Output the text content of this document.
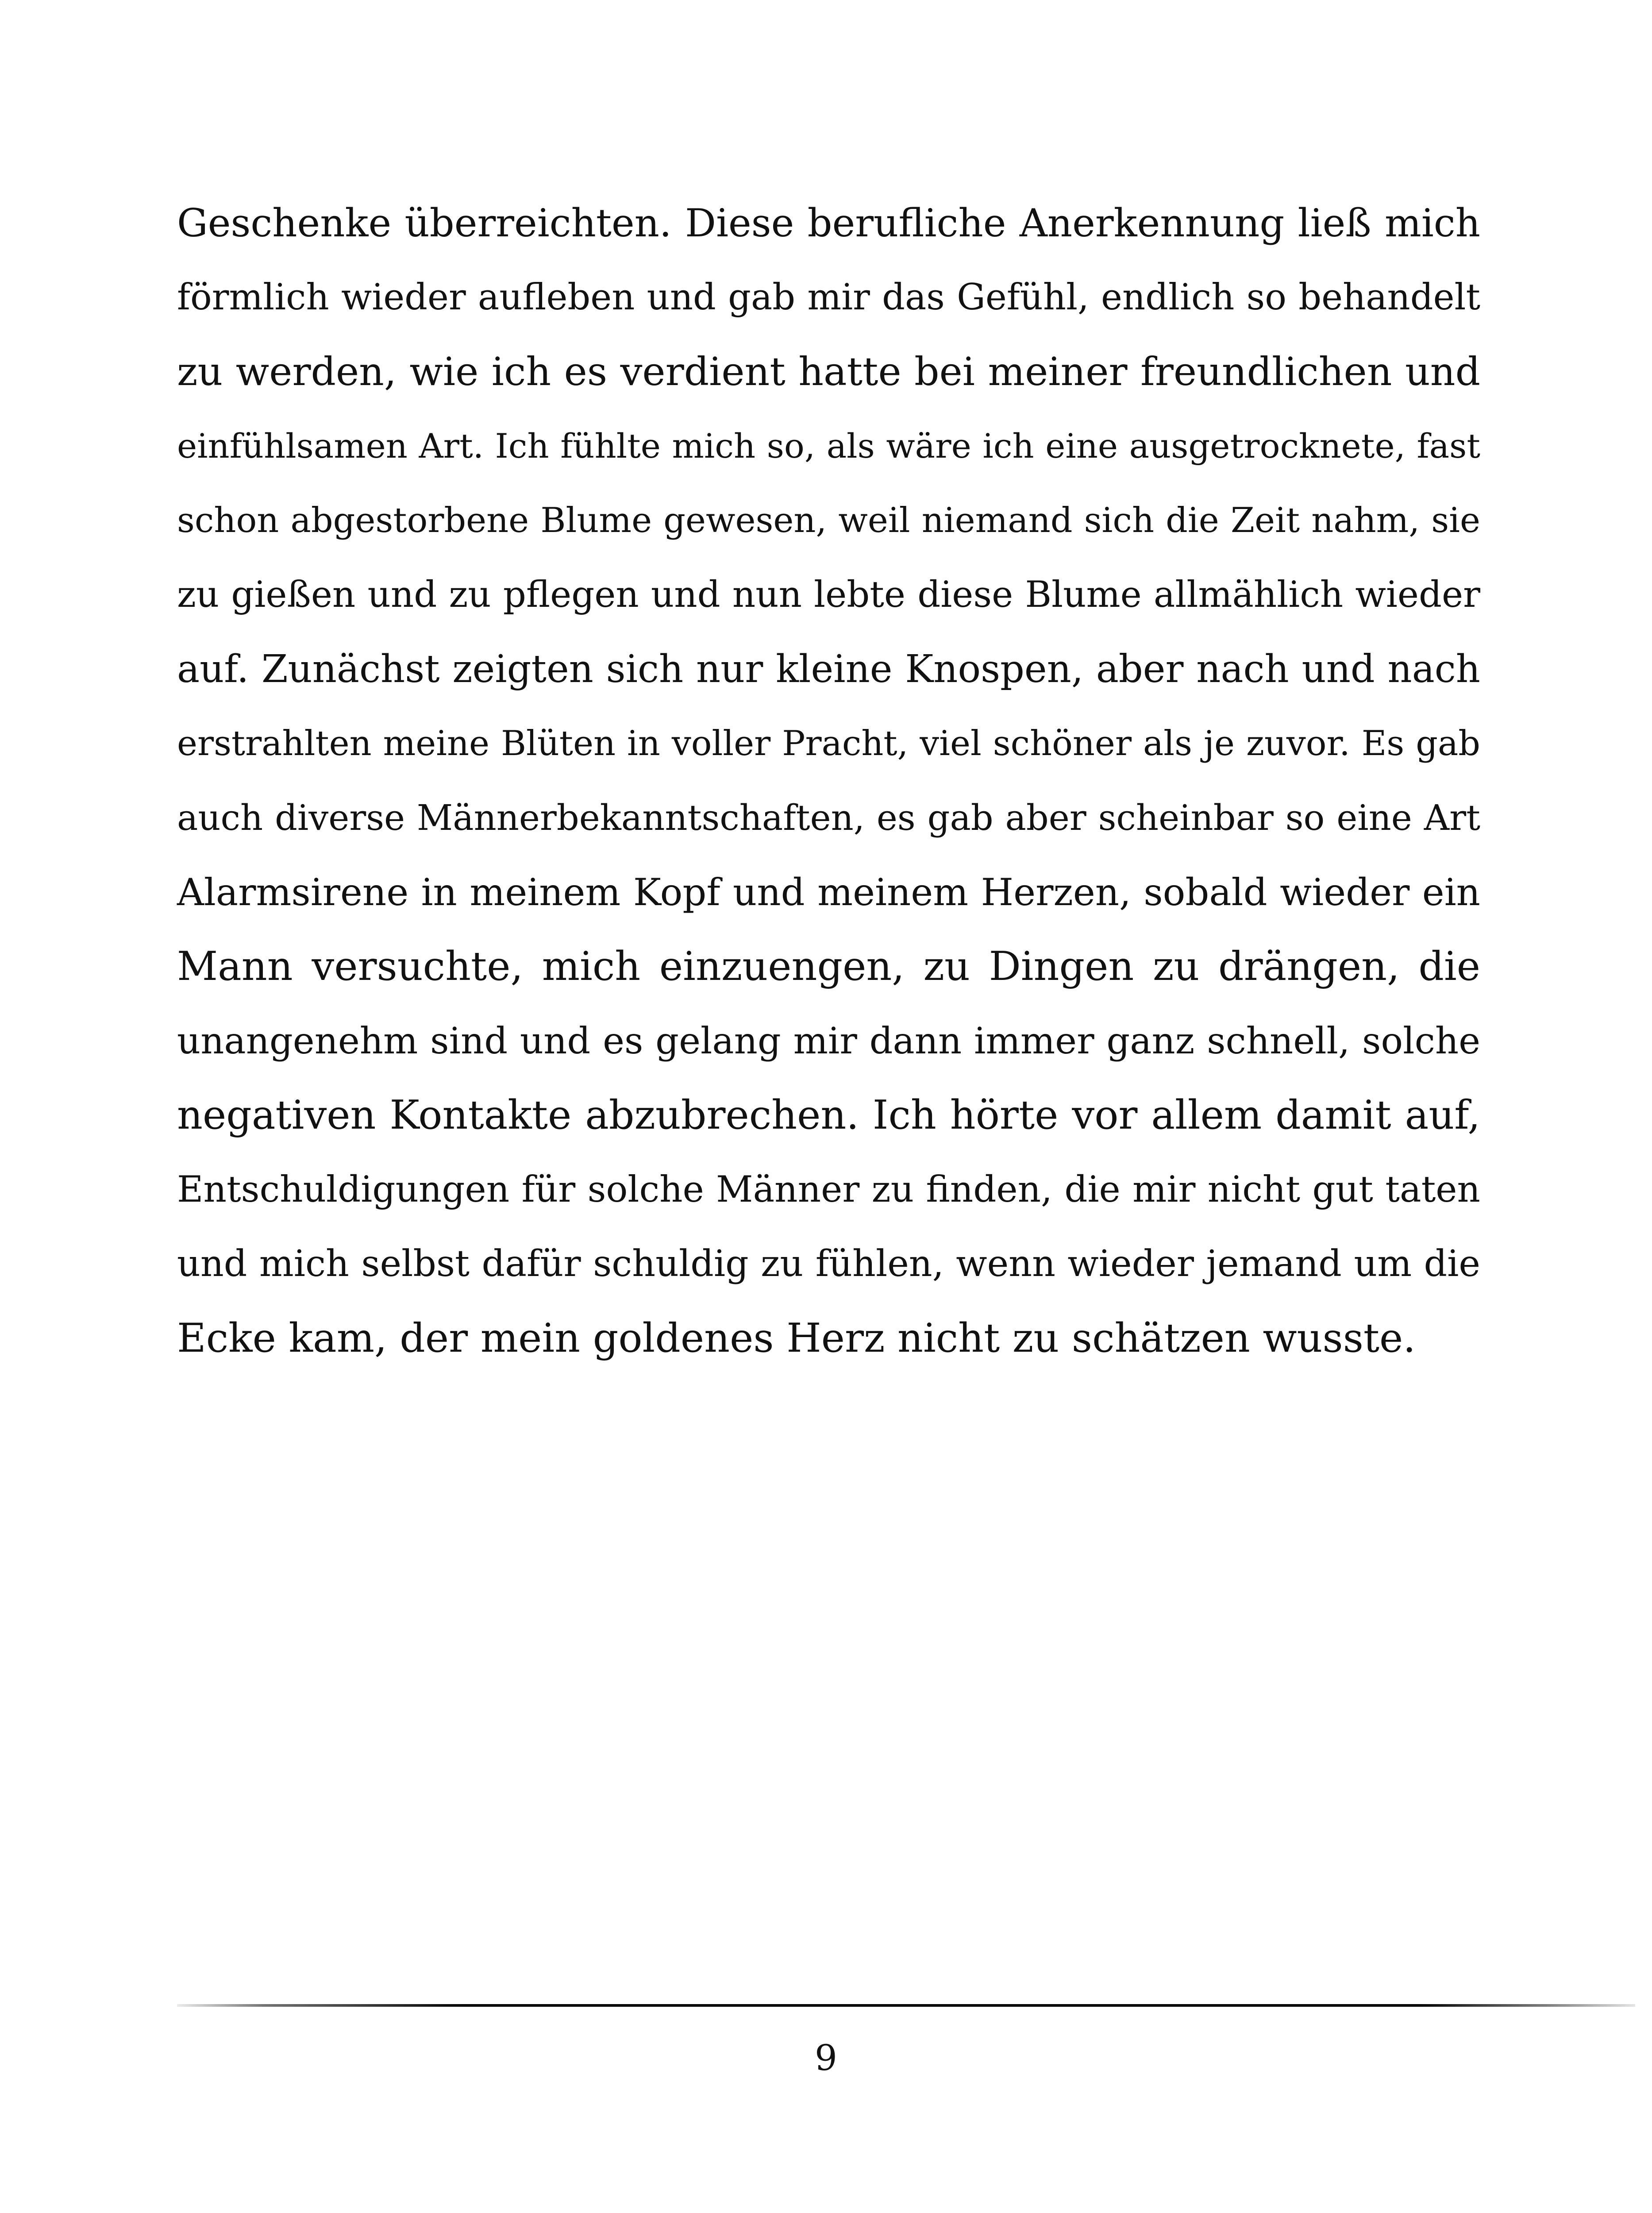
Geschenke überreichten. Diese berufliche Anerkennung ließ mich
förmlich wieder aufleben und gab mir das Gefühl, endlich so behandelt
zu werden, wie ich es verdient hatte bei meiner freundlichen und
einfühlsamen Art. Ich fühlte mich so, als wäre ich eine ausgetrocknete, fast
schon abgestorbene Blume gewesen, weil niemand sich die Zeit nahm, sie
zu gießen und zu pflegen und nun lebte diese Blume allmählich wieder
auf. Zunächst zeigten sich nur kleine Knospen, aber nach und nach
erstrahlten meine Blüten in voller Pracht, viel schöner als je zuvor. Es gab
auch diverse Männerbekanntschaften, es gab aber scheinbar so eine Art
Alarmsirene in meinem Kopf und meinem Herzen, sobald wieder ein
Mann versuchte, mich einzuengen, zu Dingen zu drängen, die
unangenehm sind und es gelang mir dann immer ganz schnell, solche
negativen Kontakte abzubrechen. Ich hörte vor allem damit auf,
Entschuldigungen für solche Männer zu finden, die mir nicht gut taten
und mich selbst dafür schuldig zu fühlen, wenn wieder jemand um die
Ecke kam, der mein goldenes Herz nicht zu schätzen wusste.

9
